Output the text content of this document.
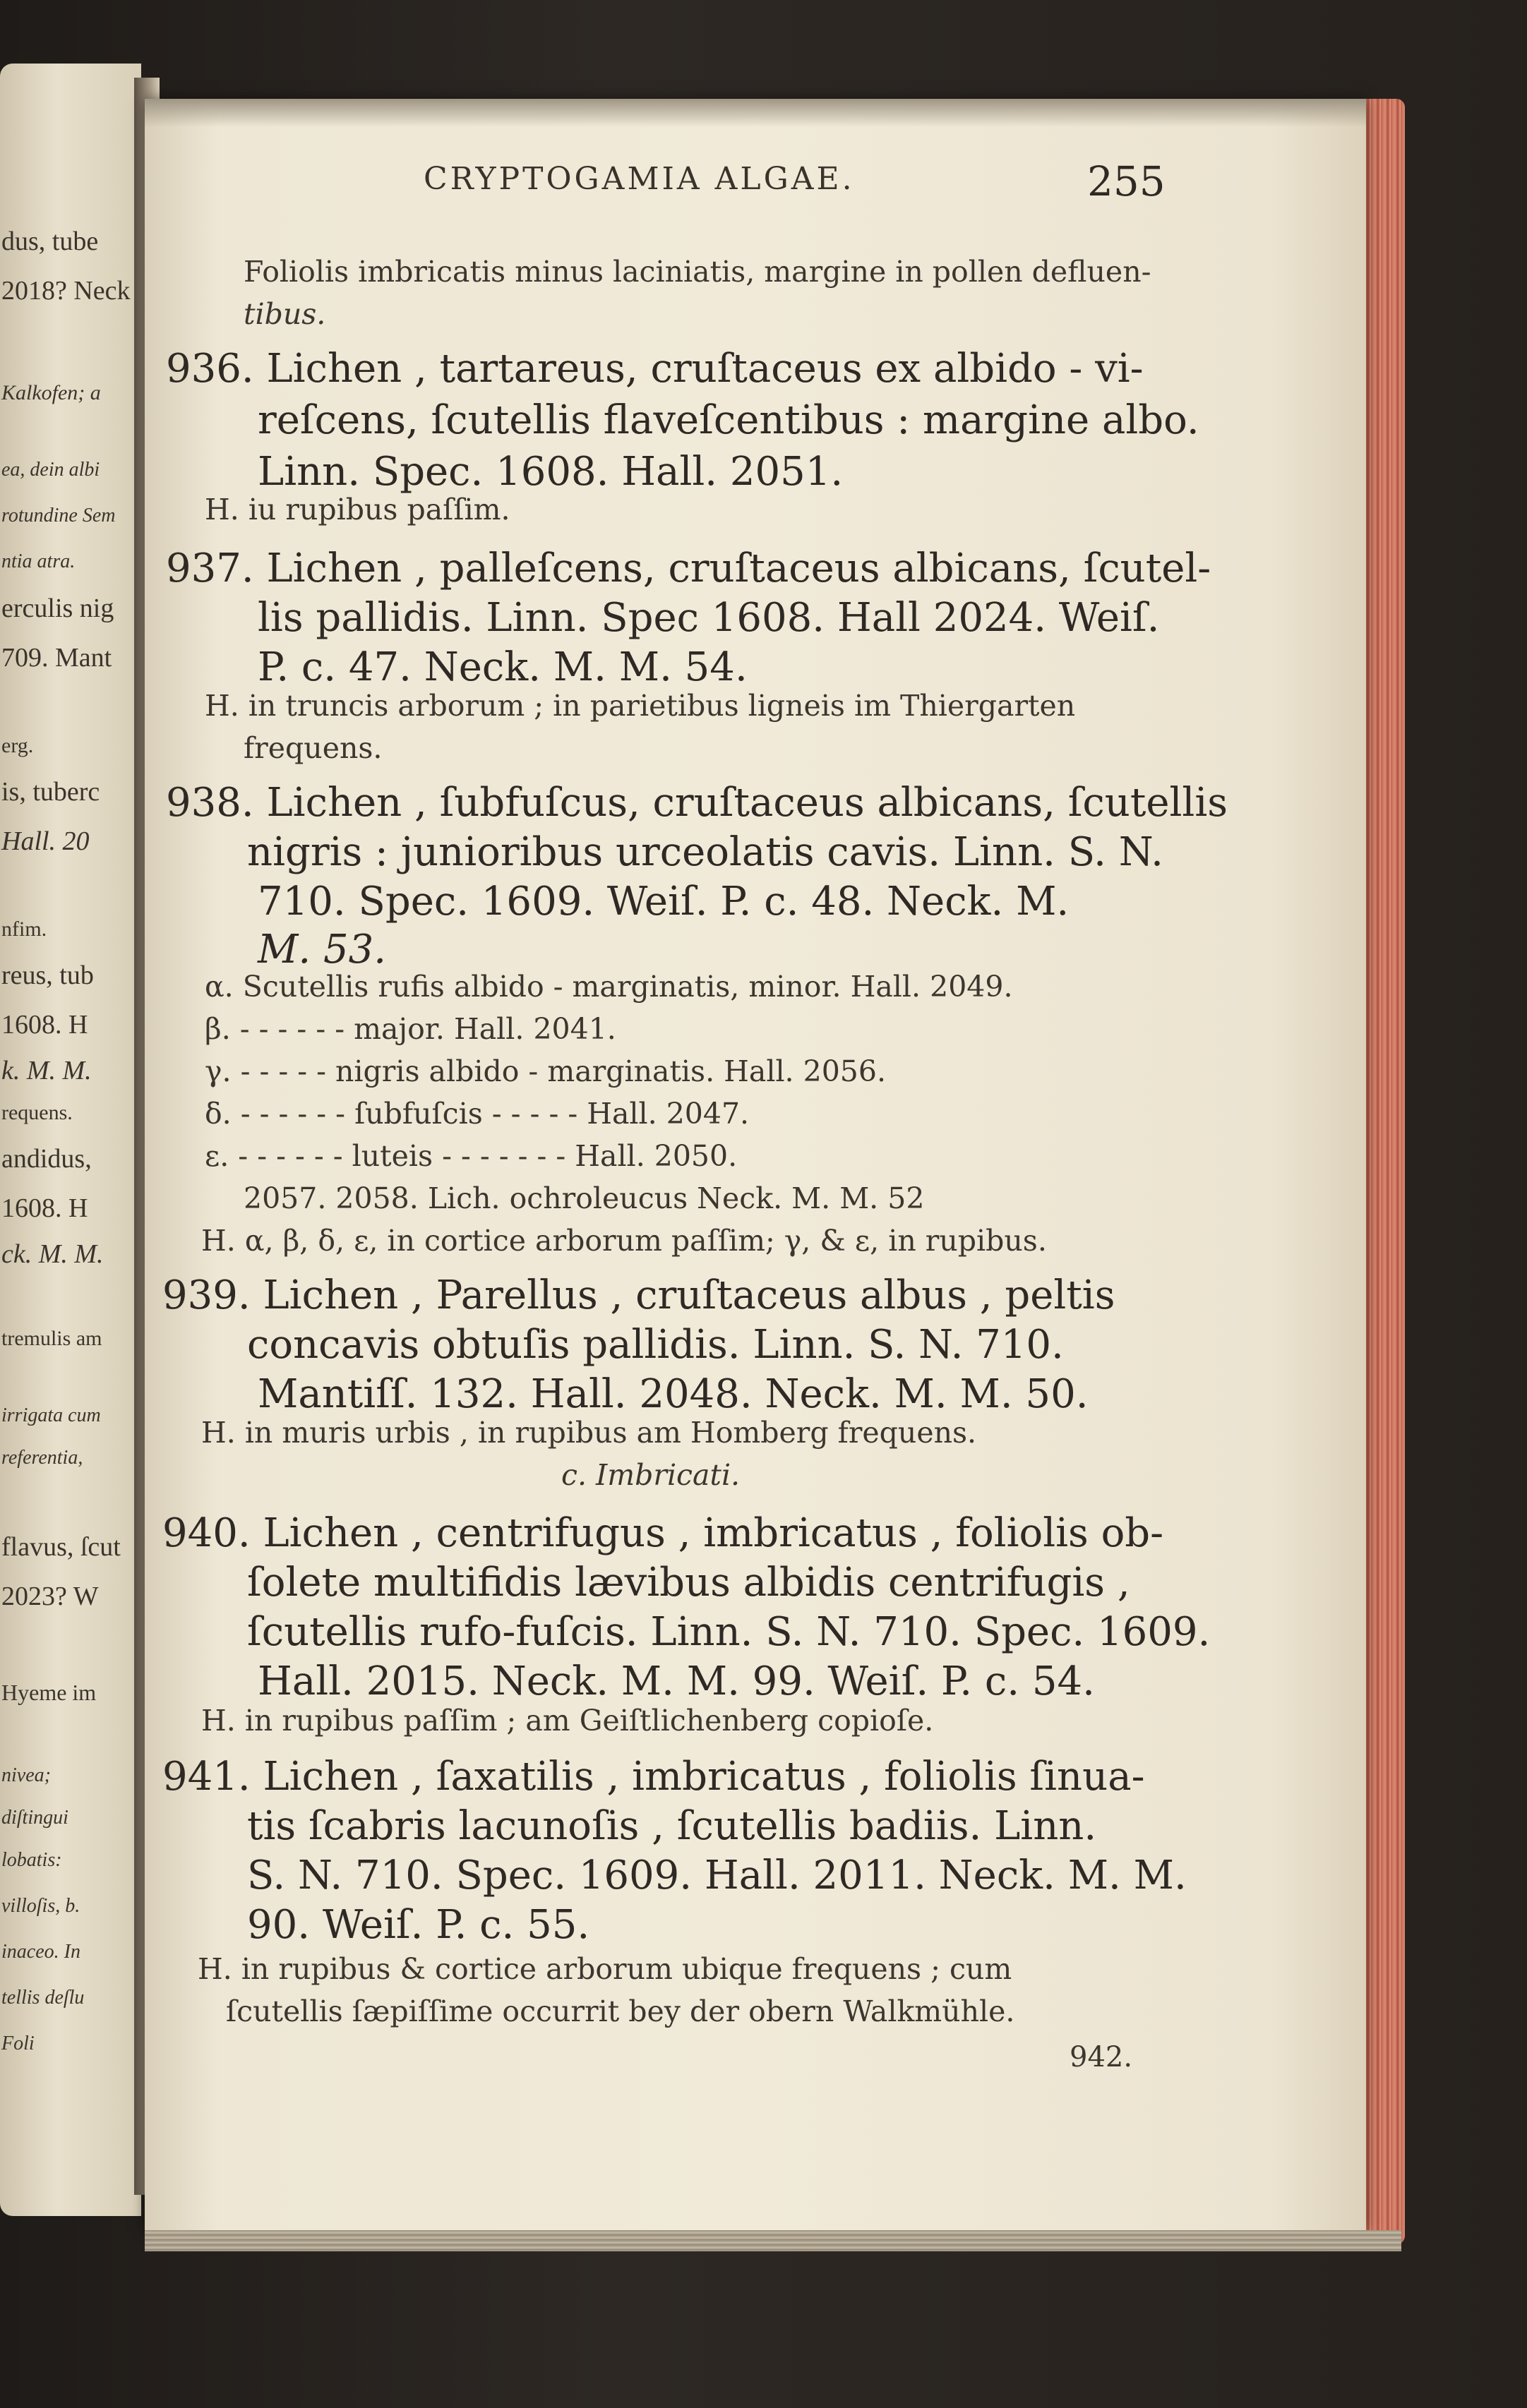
dus, tube
2018? Neck
Kalkofen; a
ea, dein albi
rotundine Sem
ntia atra.
erculis nig
709. Mant
erg.
is, tuberc
Hall. 20
nfim.
reus, tub
1608. H
k. M. M.
requens.
andidus,
1608. H
ck. M. M.
tremulis am
irrigata cum
referentia,
flavus, ſcut
2023? W
Hyeme im
nivea;
diſtingui
lobatis:
villoſis, b.
inaceo. In
tellis deſlu
Foli
CRYPTOGAMIA ALGAE.	255
Foliolis imbricatis minus laciniatis, margine in pollen defluen-
tibus.
936. Lichen , tartareus, cruſtaceus ex albido - vi-
reſcens, ſcutellis flaveſcentibus : margine albo.
Linn. Spec. 1608. Hall. 2051.
H. iu rupibus paſſim.
937. Lichen , palleſcens, cruſtaceus albicans, ſcutel-
lis pallidis. Linn. Spec 1608. Hall 2024. Weiſ.
P. c. 47. Neck. M. M. 54.
H. in truncis arborum ; in parietibus ligneis im Thiergarten
frequens.
938. Lichen , ſubfuſcus, cruſtaceus albicans, ſcutellis
nigris : junioribus urceolatis cavis. Linn. S. N.
710. Spec. 1609. Weiſ. P. c. 48. Neck. M.
M. 53.
α. Scutellis rufis albido - marginatis, minor. Hall. 2049.
β. - - - - - - major. Hall. 2041.
γ. - - - - - nigris albido - marginatis. Hall. 2056.
δ. - - - - - - ſubfuſcis - - - - - Hall. 2047.
ε. - - - - - - luteis - - - - - - - Hall. 2050.
2057. 2058. Lich. ochroleucus Neck. M. M. 52
H. α, β, δ, ε, in cortice arborum paſſim; γ, & ε, in rupibus.
939. Lichen , Parellus , cruſtaceus albus , peltis
concavis obtuſis pallidis. Linn. S. N. 710.
Mantiſſ. 132. Hall. 2048. Neck. M. M. 50.
H. in muris urbis , in rupibus am Homberg frequens.
c. Imbricati.
940. Lichen , centrifugus , imbricatus , foliolis ob-
ſolete multifidis lævibus albidis centrifugis ,
ſcutellis rufo-fuſcis. Linn. S. N. 710. Spec. 1609.
Hall. 2015. Neck. M. M. 99. Weiſ. P. c. 54.
H. in rupibus paſſim ; am Geiſtlichenberg copioſe.
941. Lichen , ſaxatilis , imbricatus , foliolis ſinua-
tis ſcabris lacunoſis , ſcutellis badiis. Linn.
S. N. 710. Spec. 1609. Hall. 2011. Neck. M. M.
90. Weiſ. P. c. 55.
H. in rupibus & cortice arborum ubique frequens ; cum
ſcutellis ſæpiſſime occurrit bey der obern Walkmühle.
942.
